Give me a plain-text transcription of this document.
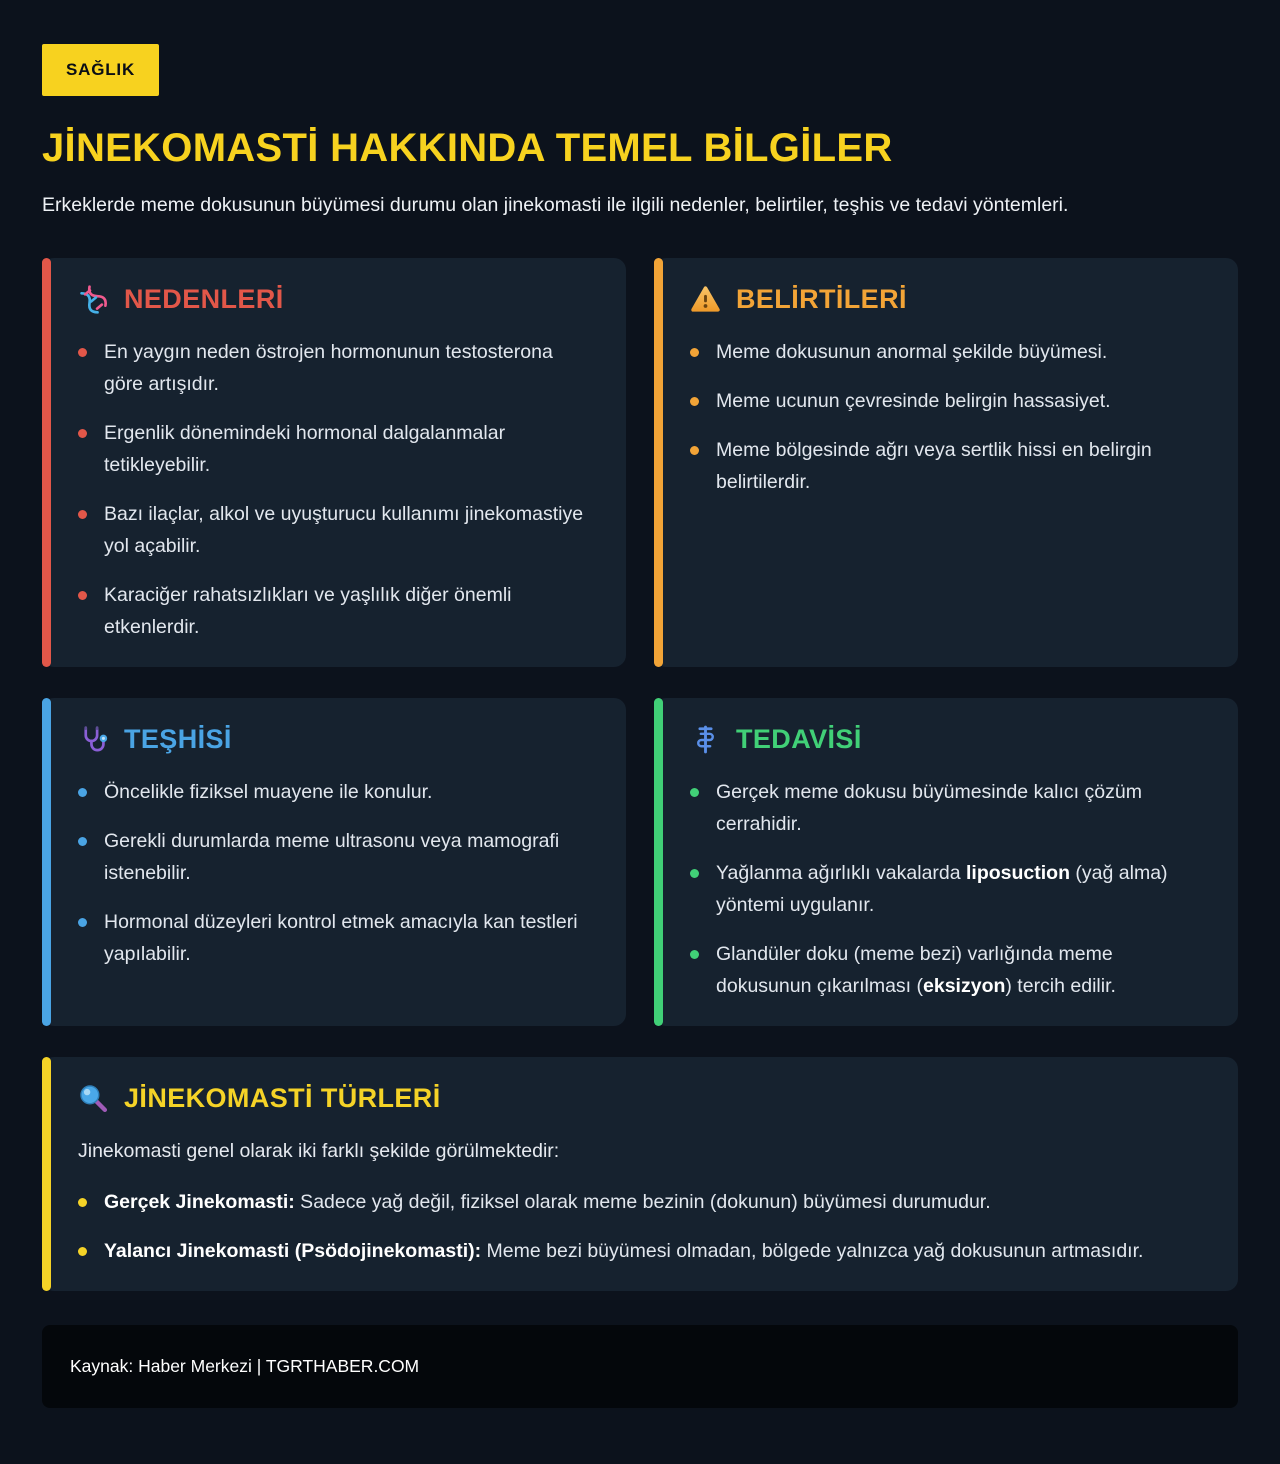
SAĞLIK
JİNEKOMASTİ HAKKINDA TEMEL BİLGİLER

Erkeklerde meme dokusunun büyümesi durumu olan jinekomasti ile ilgili nedenler, belirtiler, teşhis ve tedavi yöntemleri.

NEDENLERİ

En yaygın neden östrojen hormonunun testosterona göre artışıdır.

Ergenlik dönemindeki hormonal dalgalanmalar tetikleyebilir.

Bazı ilaçlar, alkol ve uyuşturucu kullanımı jinekomastiye yol açabilir.

Karaciğer rahatsızlıkları ve yaşlılık diğer önemli etkenlerdir.

BELİRTİLERİ

Meme dokusunun anormal şekilde büyümesi.

Meme ucunun çevresinde belirgin hassasiyet.

Meme bölgesinde ağrı veya sertlik hissi en belirgin belirtilerdir.

TEŞHİSİ

Öncelikle fiziksel muayene ile konulur.

Gerekli durumlarda meme ultrasonu veya mamografi istenebilir.

Hormonal düzeyleri kontrol etmek amacıyla kan testleri yapılabilir.

TEDAVİSİ

Gerçek meme dokusu büyümesinde kalıcı çözüm cerrahidir.

Yağlanma ağırlıklı vakalarda liposuction (yağ alma) yöntemi uygulanır.

Glandüler doku (meme bezi) varlığında meme dokusunun çıkarılması (eksizyon) tercih edilir.

JİNEKOMASTİ TÜRLERİ

Jinekomasti genel olarak iki farklı şekilde görülmektedir:

Gerçek Jinekomasti: Sadece yağ değil, fiziksel olarak meme bezinin (dokunun) büyümesi durumudur.

Yalancı Jinekomasti (Psödojinekomasti): Meme bezi büyümesi olmadan, bölgede yalnızca yağ dokusunun artmasıdır.

Kaynak: Haber Merkezi | TGRTHABER.COM
